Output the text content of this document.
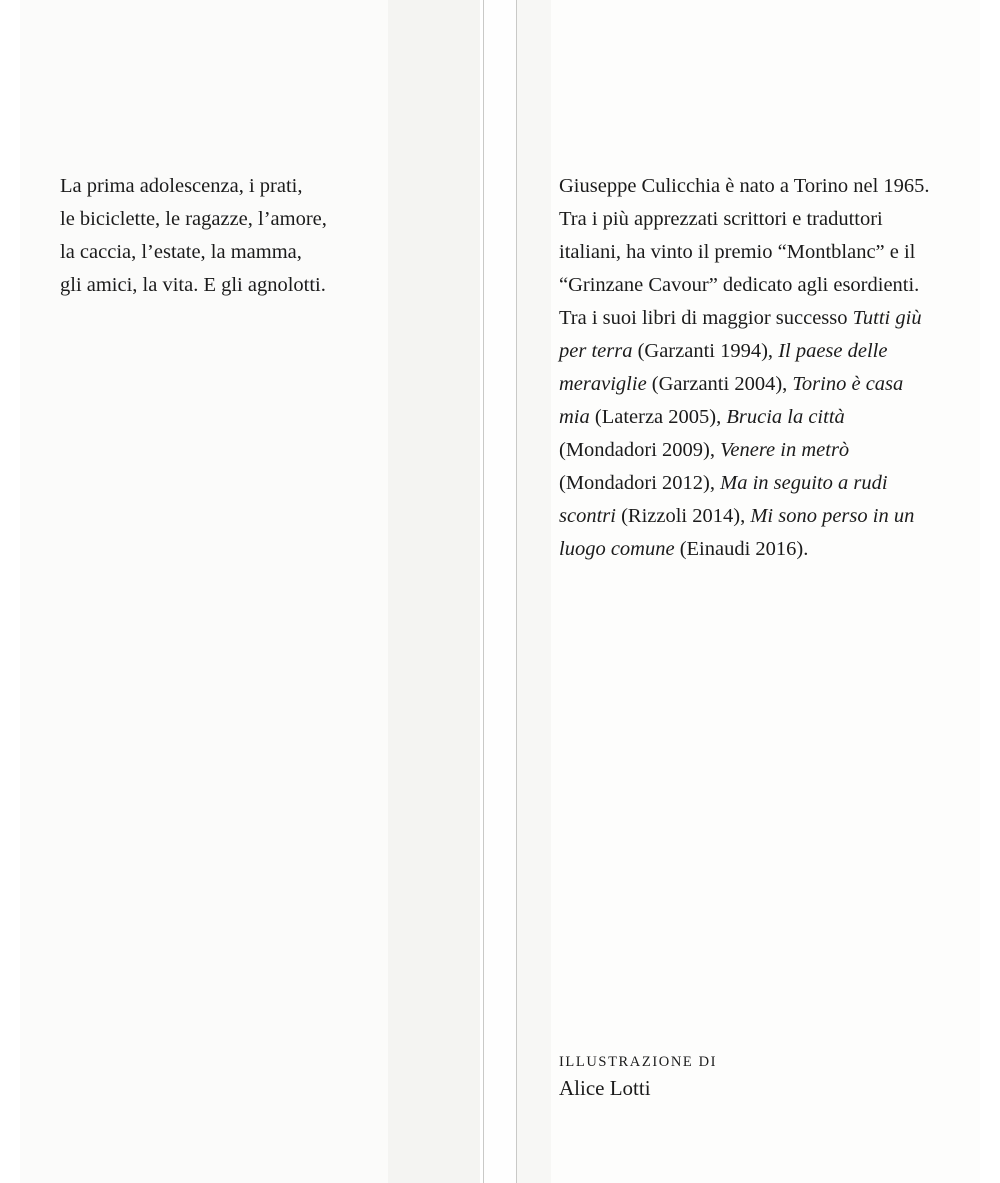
La prima adolescenza, i prati,
le biciclette, le ragazze, l’amore,
la caccia, l’estate, la mamma,
gli amici, la vita. E gli agnolotti.
Giuseppe Culicchia è nato a Torino nel 1965. Tra i più apprezzati scrittori e traduttori italiani, ha vinto il premio “Montblanc” e il “Grinzane Cavour” dedicato agli esordienti. Tra i suoi libri di maggior successo Tutti giù per terra (Garzanti 1994), Il paese delle meraviglie (Garzanti 2004), Torino è casa mia (Laterza 2005), Brucia la città (Mondadori 2009), Venere in metrò (Mondadori 2012), Ma in seguito a rudi scontri (Rizzoli 2014), Mi sono perso in un luogo comune (Einaudi 2016).
ILLUSTRAZIONE DI
Alice Lotti
